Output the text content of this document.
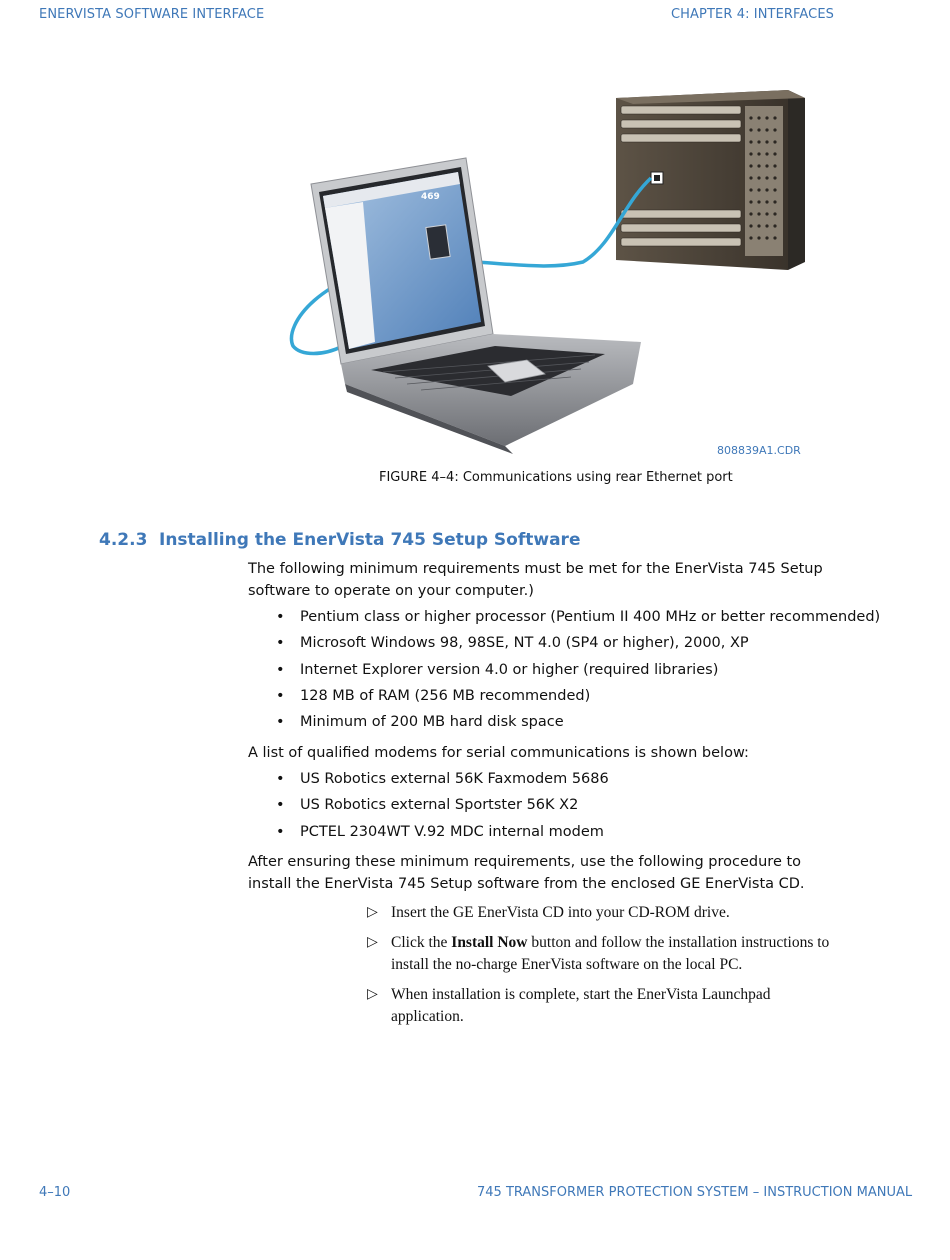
ENERVISTA SOFTWARE INTERFACE	CHAPTER 4: INTERFACES
469
808839A1.CDR
FIGURE 4–4: Communications using rear Ethernet port
4.2.3 Installing the EnerVista 745 Setup Software
The following minimum requirements must be met for the EnerVista 745 Setup software to operate on your computer.)
• Pentium class or higher processor (Pentium II 400 MHz or better recommended)
• Microsoft Windows 98, 98SE, NT 4.0 (SP4 or higher), 2000, XP
• Internet Explorer version 4.0 or higher (required libraries)
• 128 MB of RAM (256 MB recommended)
• Minimum of 200 MB hard disk space
A list of qualified modems for serial communications is shown below:
• US Robotics external 56K Faxmodem 5686
• US Robotics external Sportster 56K X2
• PCTEL 2304WT V.92 MDC internal modem
After ensuring these minimum requirements, use the following procedure to install the EnerVista 745 Setup software from the enclosed GE EnerVista CD.
▷ Insert the GE EnerVista CD into your CD-ROM drive.
▷ Click the Install Now button and follow the installation instructions to install the no-charge EnerVista software on the local PC.
▷ When installation is complete, start the EnerVista Launchpad application.
4–10	745 TRANSFORMER PROTECTION SYSTEM – INSTRUCTION MANUAL
